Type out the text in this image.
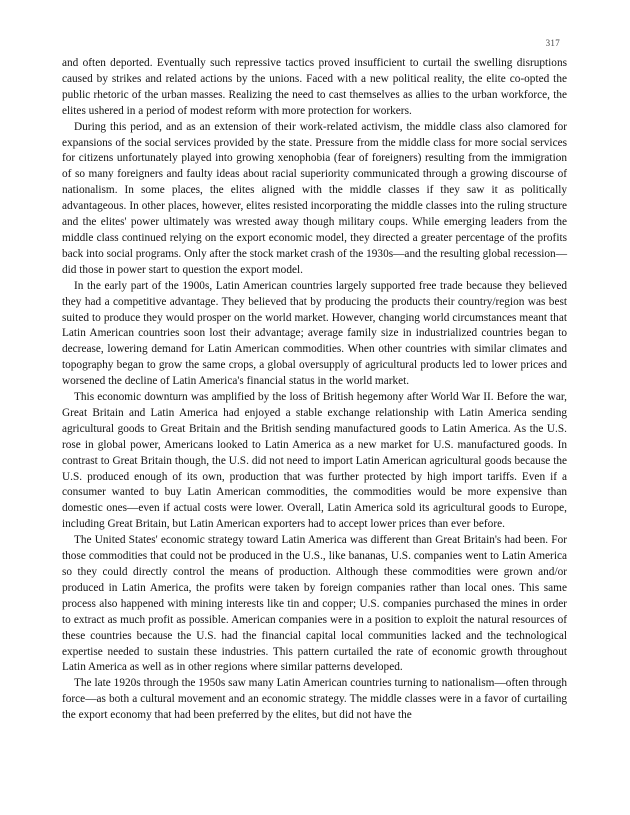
317

and often deported. Eventually such repressive tactics proved insufficient to curtail the swelling disruptions caused by strikes and related actions by the unions. Faced with a new political reality, the elite co-opted the public rhetoric of the urban masses. Realizing the need to cast themselves as allies to the urban workforce, the elites ushered in a period of modest reform with more protection for workers.

During this period, and as an extension of their work-related activism, the middle class also clamored for expansions of the social services provided by the state. Pressure from the middle class for more social services for citizens unfortunately played into growing xenophobia (fear of foreigners) resulting from the immigration of so many foreigners and faulty ideas about racial superiority communicated through a growing discourse of nationalism. In some places, the elites aligned with the middle classes if they saw it as politically advantageous. In other places, however, elites resisted incorporating the middle classes into the ruling structure and the elites' power ultimately was wrested away though military coups. While emerging leaders from the middle class continued relying on the export economic model, they directed a greater percentage of the profits back into social programs. Only after the stock market crash of the 1930s—and the resulting global recession—did those in power start to question the export model.

In the early part of the 1900s, Latin American countries largely supported free trade because they believed they had a competitive advantage. They believed that by producing the products their country/region was best suited to produce they would prosper on the world market. However, changing world circumstances meant that Latin American countries soon lost their advantage; average family size in industrialized countries began to decrease, lowering demand for Latin American commodities. When other countries with similar climates and topography began to grow the same crops, a global oversupply of agricultural products led to lower prices and worsened the decline of Latin America's financial status in the world market.

This economic downturn was amplified by the loss of British hegemony after World War II. Before the war, Great Britain and Latin America had enjoyed a stable exchange relationship with Latin America sending agricultural goods to Great Britain and the British sending manufactured goods to Latin America. As the U.S. rose in global power, Americans looked to Latin America as a new market for U.S. manufactured goods. In contrast to Great Britain though, the U.S. did not need to import Latin American agricultural goods because the U.S. produced enough of its own, production that was further protected by high import tariffs. Even if a consumer wanted to buy Latin American commodities, the commodities would be more expensive than domestic ones—even if actual costs were lower. Overall, Latin America sold its agricultural goods to Europe, including Great Britain, but Latin American exporters had to accept lower prices than ever before.

The United States' economic strategy toward Latin America was different than Great Britain's had been. For those commodities that could not be produced in the U.S., like bananas, U.S. companies went to Latin America so they could directly control the means of production. Although these commodities were grown and/or produced in Latin America, the profits were taken by foreign companies rather than local ones. This same process also happened with mining interests like tin and copper; U.S. companies purchased the mines in order to extract as much profit as possible. American companies were in a position to exploit the natural resources of these countries because the U.S. had the financial capital local communities lacked and the technological expertise needed to sustain these industries. This pattern curtailed the rate of economic growth throughout Latin America as well as in other regions where similar patterns developed.

The late 1920s through the 1950s saw many Latin American countries turning to nationalism—often through force—as both a cultural movement and an economic strategy. The middle classes were in a favor of curtailing the export economy that had been preferred by the elites, but did not have the
